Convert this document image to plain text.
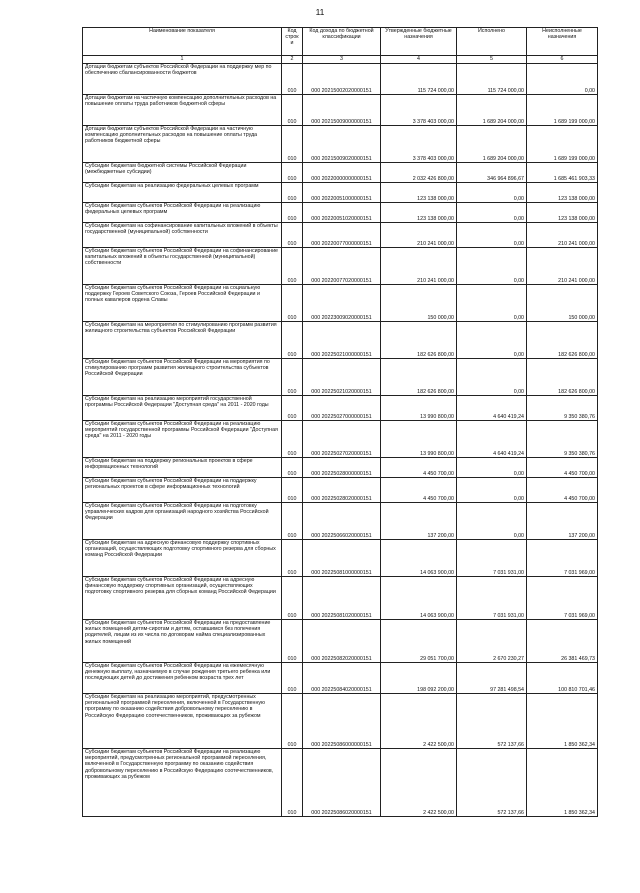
11
Наименование показателя	Код строк и	Код дохода по бюджетной классификации	Утвержденные бюджетные назначения	Исполнено	Неисполненные назначения
1	2	3	4	5	6
Дотации бюджетам субъектов Российской Федерации на поддержку мер по обеспечению сбалансированности бюджетов	010	000 20215002020000151	115 724 000,00	115 724 000,00	0,00
Дотации бюджетам на частичную компенсацию дополнительных расходов на повышение оплаты труда работников бюджетной сферы	010	000 20215009000000151	3 378 403 000,00	1 689 204 000,00	1 689 199 000,00
Дотации бюджетам субъектов Российской Федерации на частичную компенсацию дополнительных расходов на повышение оплаты труда работников бюджетной сферы	010	000 20215009020000151	3 378 403 000,00	1 689 204 000,00	1 689 199 000,00
Субсидии бюджетам бюджетной системы Российской Федерации (межбюджетные субсидии)	010	000 20220000000000151	2 032 426 800,00	346 964 896,67	1 685 461 903,33
Субсидии бюджетам на реализацию федеральных целевых программ	010	000 20220051000000151	123 138 000,00	0,00	123 138 000,00
Субсидии бюджетам субъектов Российской Федерации на реализацию федеральных целевых программ	010	000 20220051020000151	123 138 000,00	0,00	123 138 000,00
Субсидии бюджетам на софинансирование капитальных вложений в объекты государственной (муниципальной) собственности	010	000 20220077000000151	210 241 000,00	0,00	210 241 000,00
Субсидии бюджетам субъектов Российской Федерации на софинансирование капитальных вложений в объекты государственной (муниципальной) собственности	010	000 20220077020000151	210 241 000,00	0,00	210 241 000,00
Субсидии бюджетам субъектов Российской Федерации на социальную поддержку Героев Советского Союза, Героев Российской Федерации и полных кавалеров ордена Славы	010	000 20223009020000151	150 000,00	0,00	150 000,00
Субсидии бюджетам на мероприятия по стимулированию программ развития жилищного строительства субъектов Российской Федерации	010	000 20225021000000151	182 626 800,00	0,00	182 626 800,00
Субсидии бюджетам субъектов Российской Федерации на мероприятия по стимулированию программ развития жилищного строительства субъектов Российской Федерации	010	000 20225021020000151	182 626 800,00	0,00	182 626 800,00
Субсидии бюджетам на реализацию мероприятий государственной программы Российской Федерации "Доступная среда" на 2011 - 2020 годы	010	000 20225027000000151	13 990 800,00	4 640 419,24	9 350 380,76
Субсидии бюджетам субъектов Российской Федерации на реализацию мероприятий государственной программы Российской Федерации "Доступная среда" на 2011 - 2020 годы	010	000 20225027020000151	13 990 800,00	4 640 419,24	9 350 380,76
Субсидии бюджетам на поддержку региональных проектов в сфере информационных технологий	010	000 20225028000000151	4 450 700,00	0,00	4 450 700,00
Субсидии бюджетам субъектов Российской Федерации на поддержку региональных проектов в сфере информационных технологий	010	000 20225028020000151	4 450 700,00	0,00	4 450 700,00
Субсидии бюджетам субъектов Российской Федерации на подготовку управленческих кадров для организаций народного хозяйства Российской Федерации	010	000 20225066020000151	137 200,00	0,00	137 200,00
Субсидии бюджетам на адресную финансовую поддержку спортивных организаций, осуществляющих подготовку спортивного резерва для сборных команд Российской Федерации	010	000 20225081000000151	14 063 900,00	7 031 931,00	7 031 969,00
Субсидии бюджетам субъектов Российской Федерации на адресную финансовую поддержку спортивных организаций, осуществляющих подготовку спортивного резерва для сборных команд Российской Федерации	010	000 20225081020000151	14 063 900,00	7 031 931,00	7 031 969,00
Субсидии бюджетам субъектов Российской Федерации на предоставление жилых помещений детям-сиротам и детям, оставшимся без попечения родителей, лицам из их числа по договорам найма специализированных жилых помещений	010	000 20225082020000151	29 051 700,00	2 670 230,27	26 381 469,73
Субсидии бюджетам субъектов Российской Федерации на ежемесячную денежную выплату, назначаемую в случае рождения третьего ребенка или последующих детей до достижения ребенком возраста трех лет	010	000 20225084020000151	198 092 200,00	97 281 498,54	100 810 701,46
Субсидии бюджетам на реализацию мероприятий, предусмотренных региональной программой переселения, включенной в Государственную программу по оказанию содействия добровольному переселению в Российскую Федерацию соотечественников, проживающих за рубежом	010	000 20225086000000151	2 422 500,00	572 137,66	1 850 362,34
Субсидии бюджетам субъектов Российской Федерации на реализацию мероприятий, предусмотренных региональной программой переселения, включенной в Государственную программу по оказанию содействия добровольному переселению в Российскую Федерацию соотечественников, проживающих за рубежом	010	000 20225086020000151	2 422 500,00	572 137,66	1 850 362,34
